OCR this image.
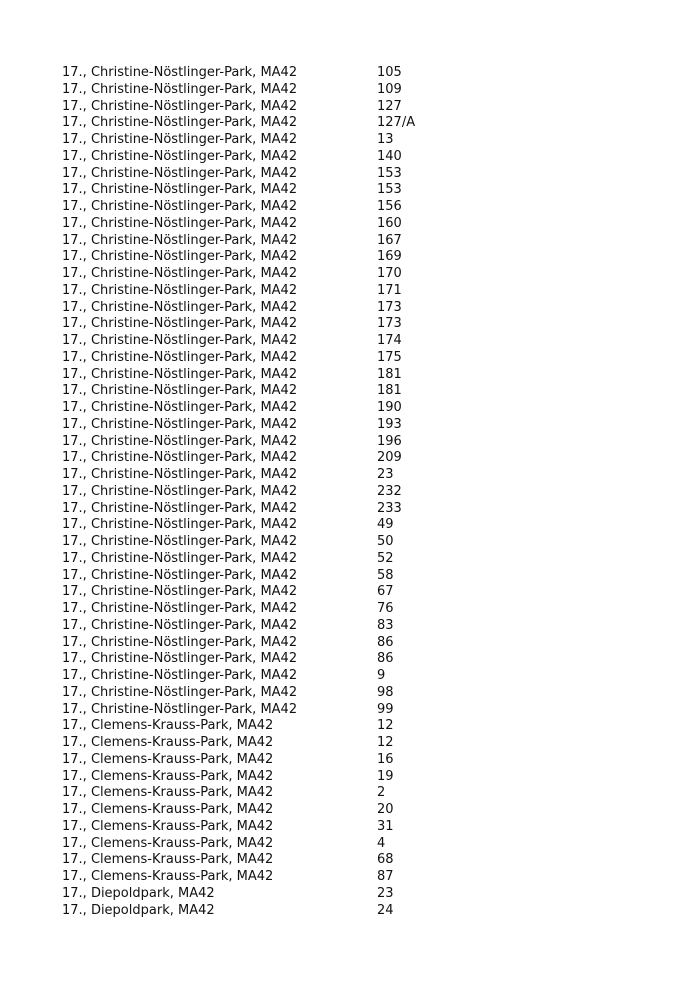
17., Christine-Nöstlinger-Park, MA42	105
17., Christine-Nöstlinger-Park, MA42	109
17., Christine-Nöstlinger-Park, MA42	127
17., Christine-Nöstlinger-Park, MA42	127/A
17., Christine-Nöstlinger-Park, MA42	13
17., Christine-Nöstlinger-Park, MA42	140
17., Christine-Nöstlinger-Park, MA42	153
17., Christine-Nöstlinger-Park, MA42	153
17., Christine-Nöstlinger-Park, MA42	156
17., Christine-Nöstlinger-Park, MA42	160
17., Christine-Nöstlinger-Park, MA42	167
17., Christine-Nöstlinger-Park, MA42	169
17., Christine-Nöstlinger-Park, MA42	170
17., Christine-Nöstlinger-Park, MA42	171
17., Christine-Nöstlinger-Park, MA42	173
17., Christine-Nöstlinger-Park, MA42	173
17., Christine-Nöstlinger-Park, MA42	174
17., Christine-Nöstlinger-Park, MA42	175
17., Christine-Nöstlinger-Park, MA42	181
17., Christine-Nöstlinger-Park, MA42	181
17., Christine-Nöstlinger-Park, MA42	190
17., Christine-Nöstlinger-Park, MA42	193
17., Christine-Nöstlinger-Park, MA42	196
17., Christine-Nöstlinger-Park, MA42	209
17., Christine-Nöstlinger-Park, MA42	23
17., Christine-Nöstlinger-Park, MA42	232
17., Christine-Nöstlinger-Park, MA42	233
17., Christine-Nöstlinger-Park, MA42	49
17., Christine-Nöstlinger-Park, MA42	50
17., Christine-Nöstlinger-Park, MA42	52
17., Christine-Nöstlinger-Park, MA42	58
17., Christine-Nöstlinger-Park, MA42	67
17., Christine-Nöstlinger-Park, MA42	76
17., Christine-Nöstlinger-Park, MA42	83
17., Christine-Nöstlinger-Park, MA42	86
17., Christine-Nöstlinger-Park, MA42	86
17., Christine-Nöstlinger-Park, MA42	9
17., Christine-Nöstlinger-Park, MA42	98
17., Christine-Nöstlinger-Park, MA42	99
17., Clemens-Krauss-Park, MA42	12
17., Clemens-Krauss-Park, MA42	12
17., Clemens-Krauss-Park, MA42	16
17., Clemens-Krauss-Park, MA42	19
17., Clemens-Krauss-Park, MA42	2
17., Clemens-Krauss-Park, MA42	20
17., Clemens-Krauss-Park, MA42	31
17., Clemens-Krauss-Park, MA42	4
17., Clemens-Krauss-Park, MA42	68
17., Clemens-Krauss-Park, MA42	87
17., Diepoldpark, MA42	23
17., Diepoldpark, MA42	24
